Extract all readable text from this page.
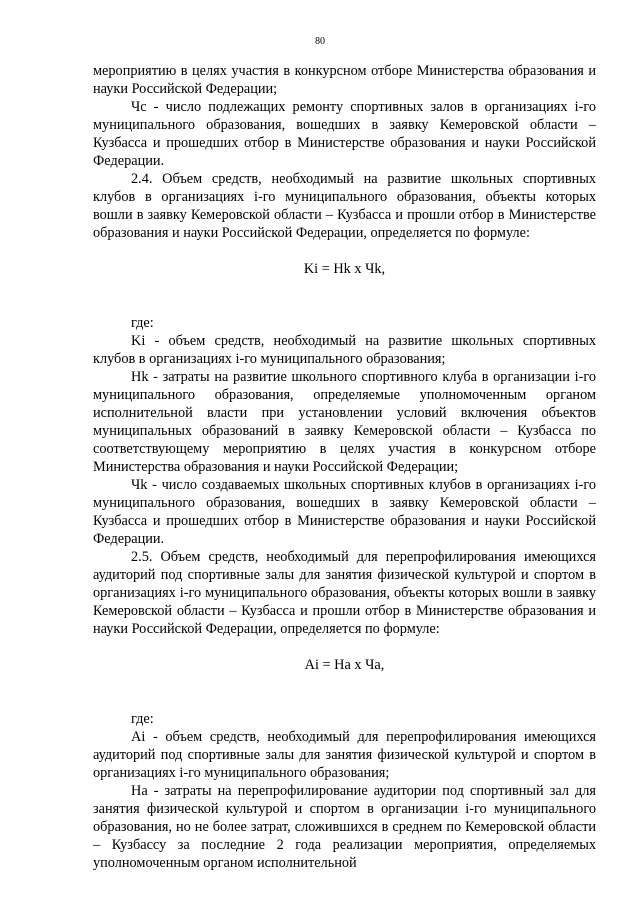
80

мероприятию в целях участия в конкурсном отборе Министерства образования и науки Российской Федерации;

Чс - число подлежащих ремонту спортивных залов в организациях i-го муниципального образования, вошедших в заявку Кемеровской области – Кузбасса и прошедших отбор в Министерстве образования и науки Российской Федерации.

2.4. Объем средств, необходимый на развитие школьных спортивных клубов в организациях i-го муниципального образования, объекты которых вошли в заявку Кемеровской области – Кузбасса и прошли отбор в Министерстве образования и науки Российской Федерации, определяется по формуле:

Ki = Нk х Чk,

где:

Ki - объем средств, необходимый на развитие школьных спортивных клубов в организациях i-го муниципального образования;

Нk - затраты на развитие школьного спортивного клуба в организации i-го муниципального образования, определяемые уполномоченным органом исполнительной власти при установлении условий включения объектов муниципальных образований в заявку Кемеровской области – Кузбасса по соответствующему мероприятию в целях участия в конкурсном отборе Министерства образования и науки Российской Федерации;

Чk - число создаваемых школьных спортивных клубов в организациях i-го муниципального образования, вошедших в заявку Кемеровской области – Кузбасса и прошедших отбор в Министерстве образования и науки Российской Федерации.

2.5. Объем средств, необходимый для перепрофилирования имеющихся аудиторий под спортивные залы для занятия физической культурой и спортом в организациях i-го муниципального образования, объекты которых вошли в заявку Кемеровской области – Кузбасса и прошли отбор в Министерстве образования и науки Российской Федерации, определяется по формуле:

Ai = На х Ча,

где:

Ai - объем средств, необходимый для перепрофилирования имеющихся аудиторий под спортивные залы для занятия физической культурой и спортом в организациях i-го муниципального образования;

На - затраты на перепрофилирование аудитории под спортивный зал для занятия физической культурой и спортом в организации i-го муниципального образования, но не более затрат, сложившихся в среднем по Кемеровской области – Кузбассу за последние 2 года реализации мероприятия, определяемых уполномоченным органом исполнительной
